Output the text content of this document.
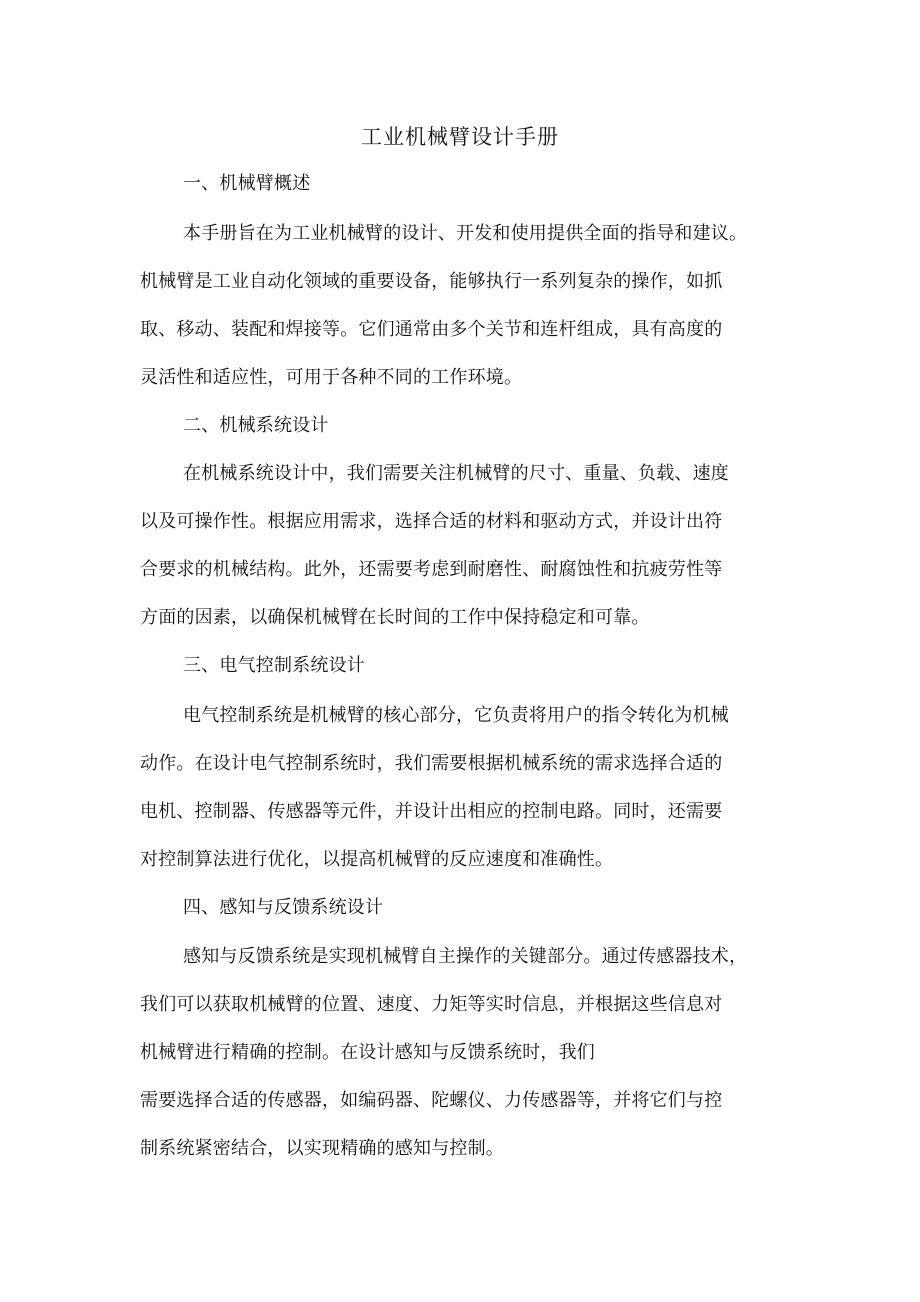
工业机械臂设计手册
一、机械臂概述
本手册旨在为工业机械臂的设计、开发和使用提供全面的指导和建议。
机械臂是工业自动化领域的重要设备，能够执行一系列复杂的操作，如抓
取、移动、装配和焊接等。它们通常由多个关节和连杆组成，具有高度的
灵活性和适应性，可用于各种不同的工作环境。
二、机械系统设计
在机械系统设计中，我们需要关注机械臂的尺寸、重量、负载、速度
以及可操作性。根据应用需求，选择合适的材料和驱动方式，并设计出符
合要求的机械结构。此外，还需要考虑到耐磨性、耐腐蚀性和抗疲劳性等
方面的因素，以确保机械臂在长时间的工作中保持稳定和可靠。
三、电气控制系统设计
电气控制系统是机械臂的核心部分，它负责将用户的指令转化为机械
动作。在设计电气控制系统时，我们需要根据机械系统的需求选择合适的
电机、控制器、传感器等元件，并设计出相应的控制电路。同时，还需要
对控制算法进行优化，以提高机械臂的反应速度和准确性。
四、感知与反馈系统设计
感知与反馈系统是实现机械臂自主操作的关键部分。通过传感器技术，
我们可以获取机械臂的位置、速度、力矩等实时信息，并根据这些信息对
机械臂进行精确的控制。在设计感知与反馈系统时，我们
需要选择合适的传感器，如编码器、陀螺仪、力传感器等，并将它们与控
制系统紧密结合，以实现精确的感知与控制。
